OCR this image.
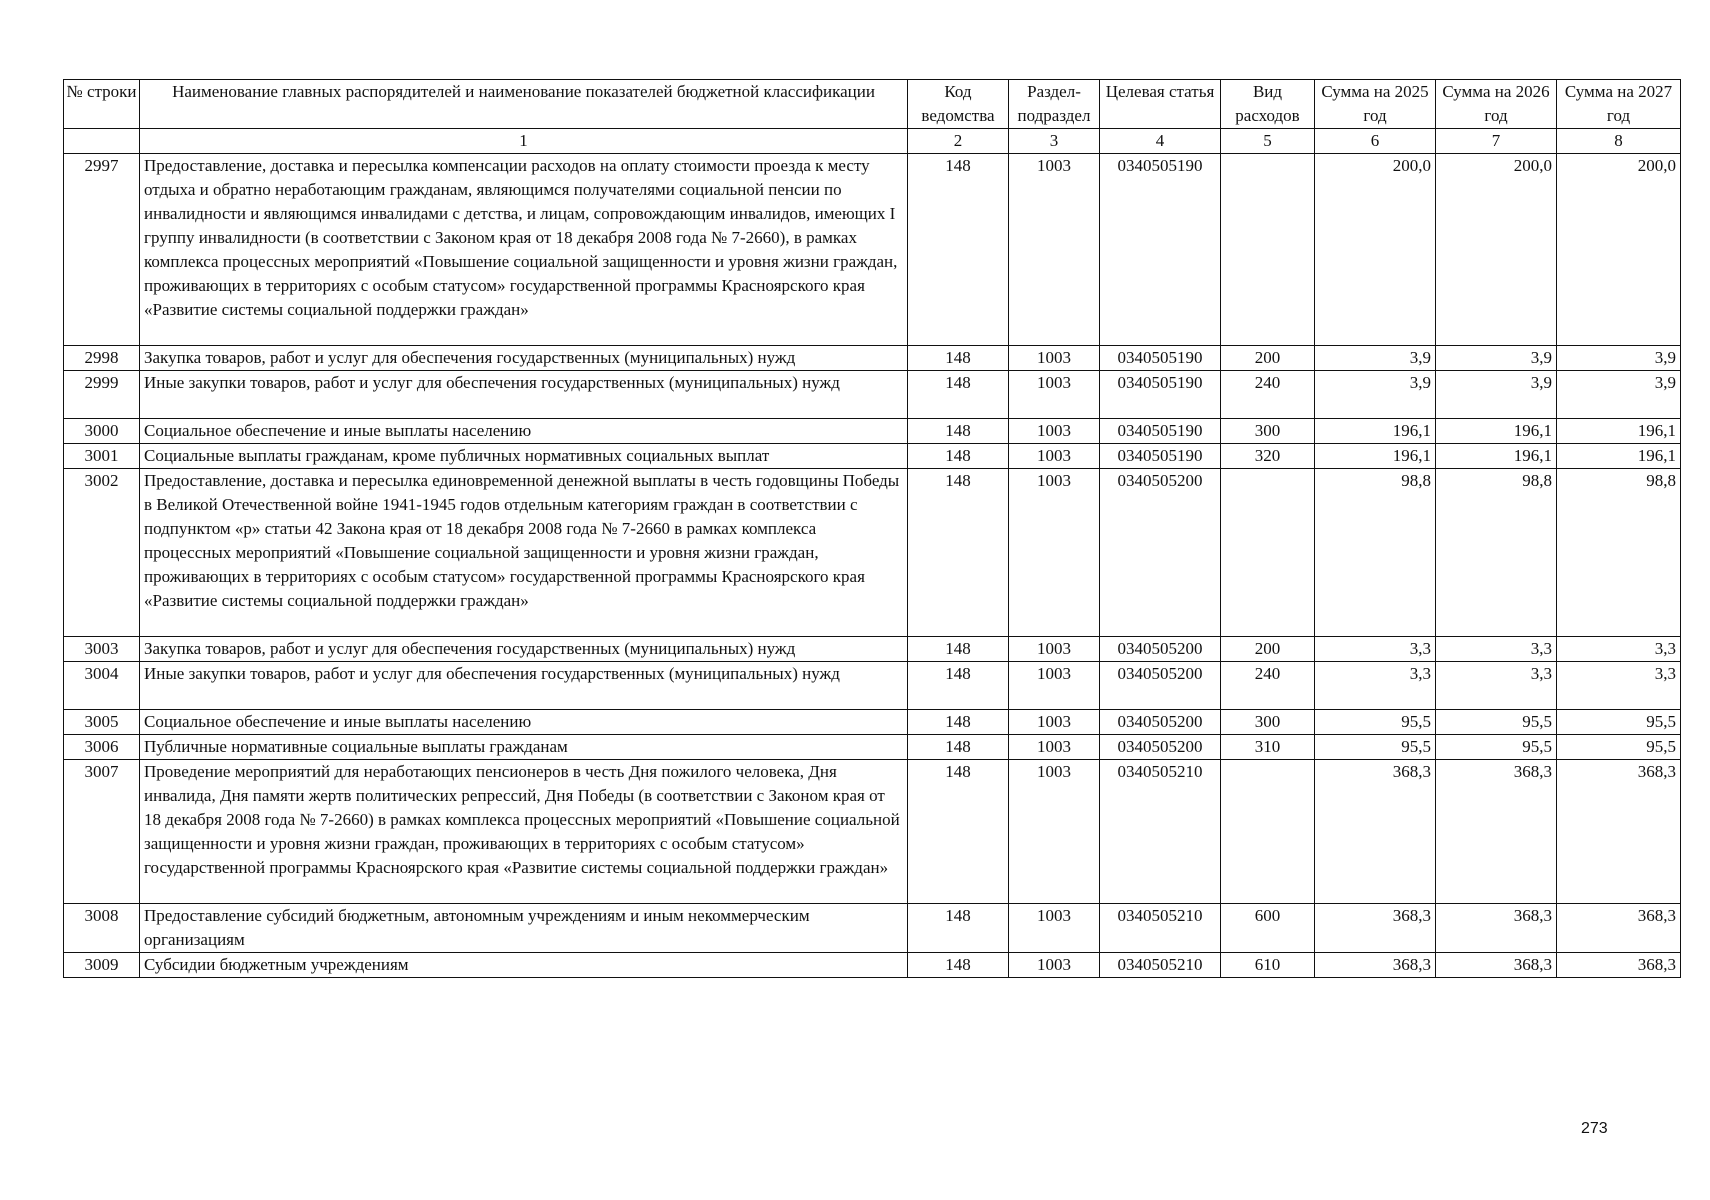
№ строки	Наименование главных распорядителей и наименование показателей бюджетной классификации	Код ведомства	Раздел-подраздел	Целевая статья	Вид расходов	Сумма на 2025 год	Сумма на 2026 год	Сумма на 2027 год
	1	2	3	4	5	6	7	8
2997	Предоставление, доставка и пересылка компенсации расходов на оплату стоимости проезда к месту отдыха и обратно неработающим гражданам, являющимся получателями социальной пенсии по инвалидности и являющимся инвалидами с детства, и лицам, сопровождающим инвалидов, имеющих I группу инвалидности (в соответствии с Законом края от 18 декабря 2008 года № 7-2660), в рамках комплекса процессных мероприятий «Повышение социальной защищенности и уровня жизни граждан, проживающих в территориях с особым статусом» государственной программы Красноярского края «Развитие системы социальной поддержки граждан»	148	1003	0340505190		200,0	200,0	200,0
2998	Закупка товаров, работ и услуг для обеспечения государственных (муниципальных) нужд	148	1003	0340505190	200	3,9	3,9	3,9
2999	Иные закупки товаров, работ и услуг для обеспечения государственных (муниципальных) нужд	148	1003	0340505190	240	3,9	3,9	3,9
3000	Социальное обеспечение и иные выплаты населению	148	1003	0340505190	300	196,1	196,1	196,1
3001	Социальные выплаты гражданам, кроме публичных нормативных социальных выплат	148	1003	0340505190	320	196,1	196,1	196,1
3002	Предоставление, доставка и пересылка единовременной денежной выплаты в честь годовщины Победы в Великой Отечественной войне 1941-1945 годов отдельным категориям граждан в соответствии с подпунктом «р» статьи 42 Закона края от 18 декабря 2008 года № 7-2660 в рамках комплекса процессных мероприятий «Повышение социальной защищенности и уровня жизни граждан, проживающих в территориях с особым статусом» государственной программы Красноярского края «Развитие системы социальной поддержки граждан»	148	1003	0340505200		98,8	98,8	98,8
3003	Закупка товаров, работ и услуг для обеспечения государственных (муниципальных) нужд	148	1003	0340505200	200	3,3	3,3	3,3
3004	Иные закупки товаров, работ и услуг для обеспечения государственных (муниципальных) нужд	148	1003	0340505200	240	3,3	3,3	3,3
3005	Социальное обеспечение и иные выплаты населению	148	1003	0340505200	300	95,5	95,5	95,5
3006	Публичные нормативные социальные выплаты гражданам	148	1003	0340505200	310	95,5	95,5	95,5
3007	Проведение мероприятий для неработающих пенсионеров в честь Дня пожилого человека, Дня инвалида, Дня памяти жертв политических репрессий, Дня Победы (в соответствии с Законом края от 18 декабря 2008 года № 7-2660) в рамках комплекса процессных мероприятий «Повышение социальной защищенности и уровня жизни граждан, проживающих в территориях с особым статусом» государственной программы Красноярского края «Развитие системы социальной поддержки граждан»	148	1003	0340505210		368,3	368,3	368,3
3008	Предоставление субсидий бюджетным, автономным учреждениям и иным некоммерческим организациям	148	1003	0340505210	600	368,3	368,3	368,3
3009	Субсидии бюджетным учреждениям	148	1003	0340505210	610	368,3	368,3	368,3
273
